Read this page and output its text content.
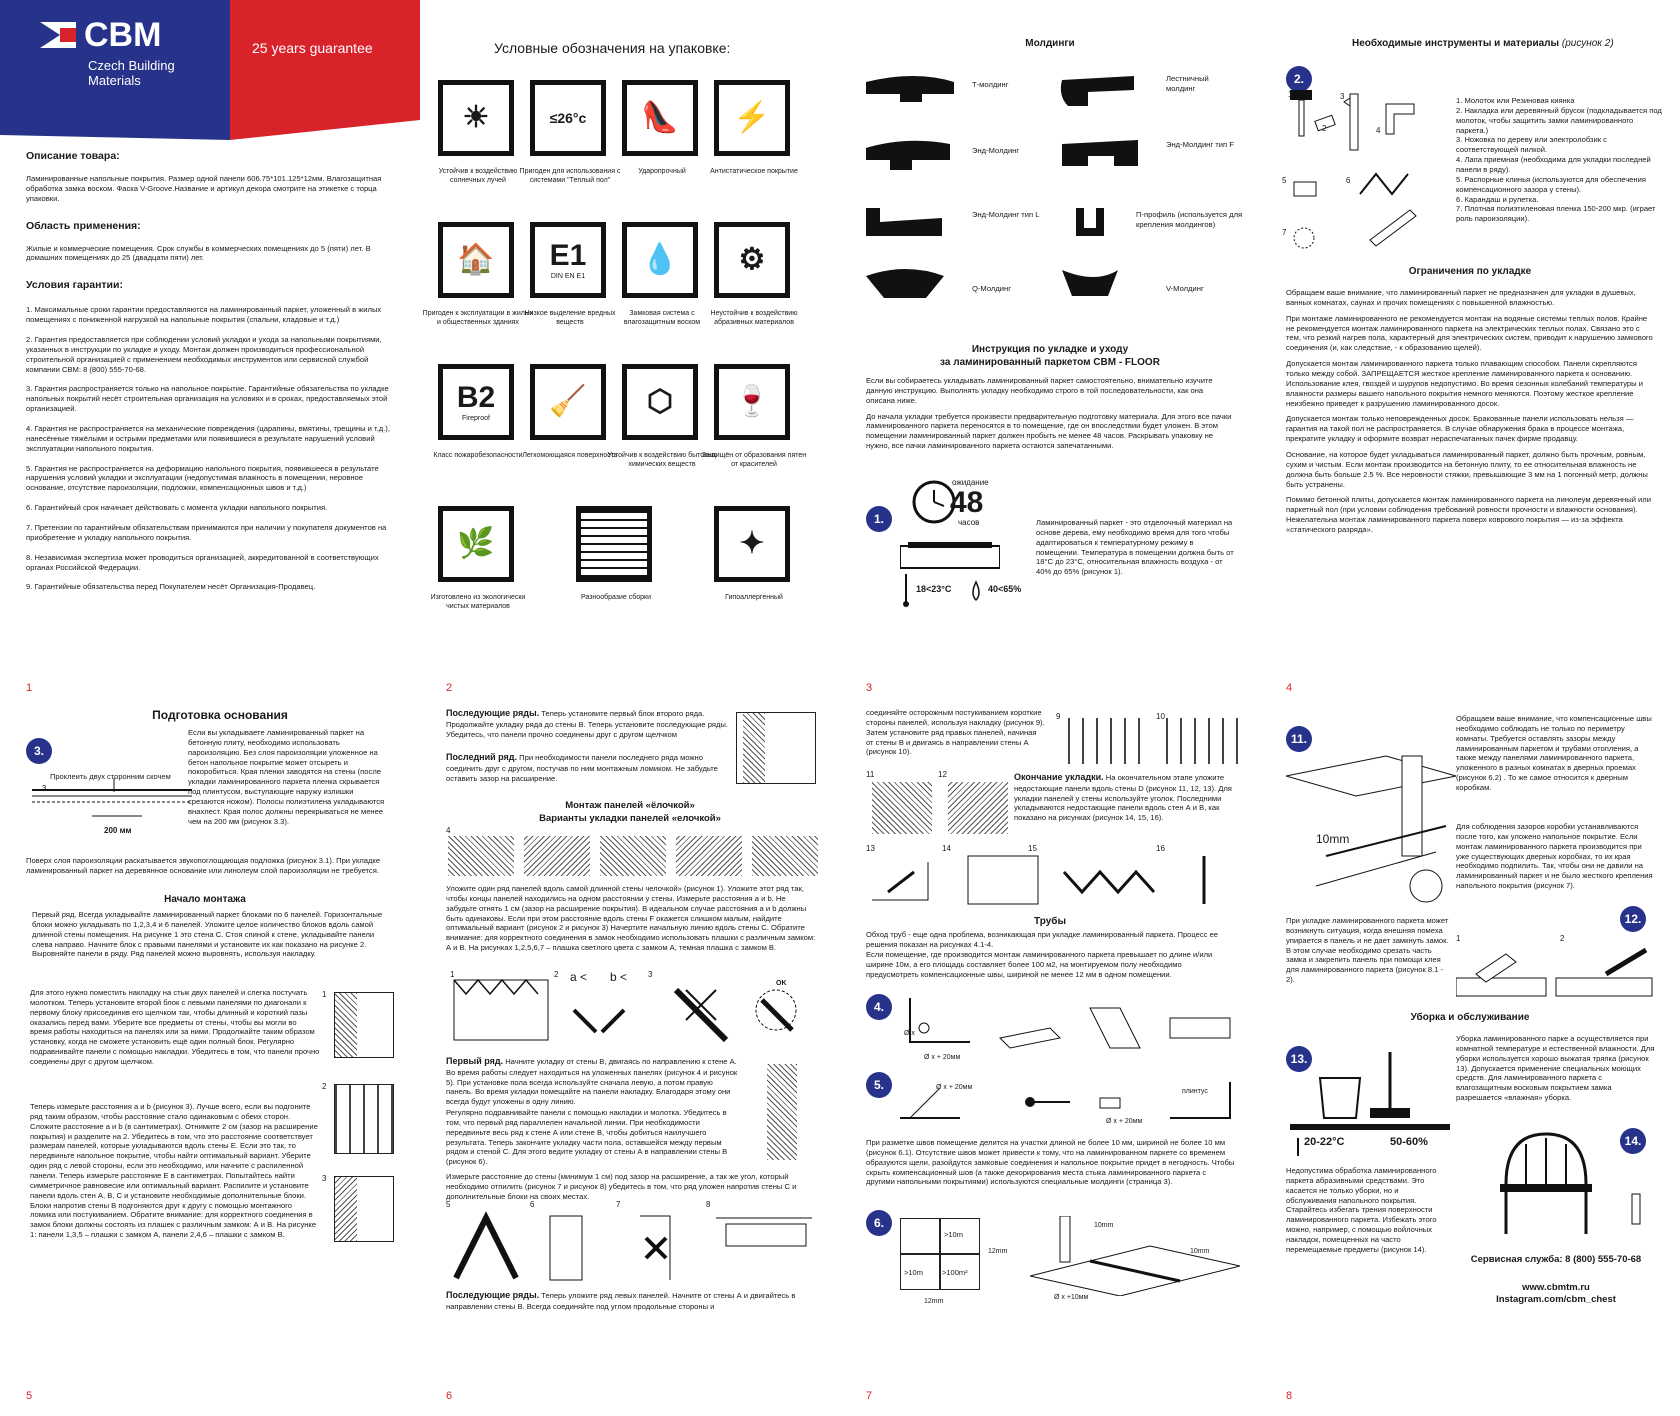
CBM
Czech Building
Materials
25 years guarantee
Описание товара:
Ламинированные напольные покрытия. Размер одной панели 606.75*101.125*12мм. Влагозащитная обработка замка воском. Фаска V-Groove.Название и артикул декора смотрите на этикетке с торца упаковки.
Область применения:
Жилые и коммерческие помещения. Срок службы в коммерческих помещениях до 5 (пяти) лет. В домашних помещениях до 25 (двадцати пяти) лет.
Условия гарантии:
1. Максимальные сроки гарантии предоставляются на ламинированный паркет, уложенный в жилых помещениях с пониженной нагрузкой на напольные покрытия (спальни, кладовые и т.д.)
2. Гарантия предоставляется при соблюдении условий укладки и ухода за напольными покрытиями, указанных в инструкции по укладке и уходу. Монтаж должен производиться профессиональной строительной организацией с применением необходимых инструментов или сервисной службой компании CBM: 8 (800) 555-70-68.
3. Гарантия распространяется только на напольное покрытие. Гарантийные обязательства по укладке напольных покрытий несёт строительная организация на условиях и в сроках, предоставляемых этой организацией.
4. Гарантия не распространяется на механические повреждения (царапины, вмятины, трещины и т.д.), нанесённые тяжёлыми и острыми предметами или появившиеся в результате нарушений условий эксплуатации напольного покрытия.
5. Гарантия не распространяется на деформацию напольного покрытия, появившееся в результате нарушения условий укладки и эксплуатации (недопустимая влажность в помещении, неровное основание, отсутствие пароизоляции, подложки, компенсационных швов и т.д.)
6. Гарантийный срок начинает действовать с момента укладки напольного покрытия.
7. Претензии по гарантийным обязательствам принимаются при наличии у покупателя документов на приобретение и укладку напольного покрытия.
8. Независимая экспертиза может проводиться организацией, аккредитованной в соответствующих органах Российской Федерации.
9. Гарантийные обязательства перед Покупателем несёт Организация-Продавец.
1
Условные обозначения на упаковке:
☀
Устойчив к воздействию солнечных лучей
≤26°c
Пригоден для использования с системами "Теплый пол"
👠
Ударопрочный
⚡
Антистатическое покрытие
🏠
Пригоден к эксплуатации в жилых и общественных зданиях
E1
DIN EN E1
Низкое выделение вредных веществ
💧
Замковая система с влагозащитным воском
⚙
Неустойчив к воздействию абразивных материалов
B2
Fireproof
Класс пожаробезопасности
🧹
Легкомоющаяся поверхность
⬡
Устойчив к воздействию бытовых химических веществ
🍷
Защищён от образования пятен от красителей
🌿
Изготовлено из экологически чистых материалов
Разнообразие сборки
✦
Гипоаллергенный
2
Молдинги
Т-молдинг
Лестничный молдинг
Энд-Молдинг
Энд-Молдинг тип F
Энд-Молдинг тип L	П-профиль (используется для крепления молдингов)
Q-Молдинг	V-Молдинг
Инструкция по укладке и уходу
за ламинированный паркетом CBM - FLOOR

Если вы собираетесь укладывать ламинированный паркет самостоятельно, внимательно изучите данную инструкцию. Выполнять укладку необходимо строго в той последовательности, как она описана ниже.

До начала укладки требуется произвести предварительную подготовку материала. Для этого все пачки ламинированного паркета переносятся в то помещение, где он впоследствии будет уложен. В этом помещении ламинированный паркет должен пробыть не менее 48 часов. Раскрывать упаковку не нужно, все пачки ламинированного паркета остаются запечатанными.

1.
ожидание
48
часов
18<23°C	40<65%
Ламинированный паркет - это отделочный материал на основе дерева, ему необходимо время для того чтобы адаптироваться к температурному режиму в помещении. Температура в помещении должна быть от 18°C до 23°C, относительная влажность воздуха - от 40% до 65% (рисунок 1).
3
Необходимые инструменты и материалы (рисунок 2)
2.
1
2
3
4
5	6
7
1. Молоток или Резиновая киянка
2. Накладка или деревянный брусок (подкладывается под молоток, чтобы защитить замки ламинированного паркета.)
3. Ножовка по дереву или электролобзик с соответствующей пилкой.
4. Лапа приемная (необходима для укладки последней панели в ряду).
5. Распорные клинья (используются для обеспечения компенсационного зазора у стены).
6. Карандаш и рулетка.
7. Плотная полиэтиленовая пленка 150-200 мкр. (играет роль пароизоляции).
Ограничения по укладке

Обращаем ваше внимание, что ламинированный паркет не предназначен для укладки в душевых, ванных комнатах, саунах и прочих помещениях с повышенной влажностью.

При монтаже ламинированного не рекомендуется монтаж на водяные системы теплых полов. Крайне не рекомендуется монтаж ламинированного паркета на электрических теплых полах. Связано это с тем, что резкий нагрев пола, характерный для электрических систем, приводит к нарушению замкового соединения (и, как следствие, - к образованию щелей).

Допускается монтаж ламинированного паркета только плавающим способом. Панели скрепляются только между собой. ЗАПРЕЩАЕТСЯ жесткое крепление ламинированного паркета к основанию. Использование клея, гвоздей и шурупов недопустимо. Во время сезонных колебаний температуры и влажности размеры вашего напольного покрытия немного меняются. Поэтому жесткое крепление неизбежно приведет к разрушению ламинированного досок.

Допускается монтаж только неповрежденных досок. Бракованные панели использовать нельзя — гарантия на такой пол не распространяется. В случае обнаружения брака в процессе монтажа, прекратите укладку и оформите возврат нераспечатанных пачек фирме продавцу.

Основание, на которое будет укладываться ламинированный паркет, должно быть прочным, ровным, сухим и чистым. Если монтаж производится на бетонную плиту, то ее относительная влажность не должна быть больше 2.5 %. Все неровности стяжки, превышающие 3 мм на 1 погонный метр, должны быть устранены.

Помимо бетонной плиты, допускается монтаж ламинированного паркета на линолеум деревянный или паркетный пол (при условии соблюдения требований ровности прочности и влажности основания). Нежелательна монтаж ламинированного паркета поверх коврового покрытия — из-за эффекта «статического разряда».

4
Подготовка основания
3.
Проклеить двух сторонним скочем
3
200 мм
Если вы укладываете ламинированный паркет на бетонную плиту, необходимо использовать пароизоляцию. Без слоя пароизоляции уложенное на бетон напольное покрытие может отсыреть и покоробиться. Края пленки заводятся на стены (после укладки ламинированного паркета пленка скрывается под плинтусом, выступающие наружу излишки срезаются ножом). Полосы полиэтилена укладываются внахлест. Края полос должны перекрываться не менее чем на 200 мм (рисунок 3.3).
Поверх слоя пароизоляции раскатывается звукопоглощающая подложка (рисунок 3.1). При укладке ламинированный паркет на деревянное основание или линолеум слой пароизоляции не требуется.
Начало монтажа
Первый ряд. Всегда укладывайте ламинированный паркет блоками по 6 панелей. Горизонтальные блоки можно укладывать по 1,2,3,4 и 6 панелей. Уложите целое количество блоков вдоль самой длинной стены помещения. На рисунке 1 это стена С. Стоя спиной к стене, укладывайте панели слева направо. Начните блок с правыми панелями и установите их как показано на рисунке 2. Выровняйте панели в ряду. Ряд панелей можно выровнять, используя накладку.
Для этого нужно поместить накладку на стык двух панелей и слегка постучать молотком. Теперь установите второй блок с левыми панелями по диагонали к первому блоку присоединив его щелчком так, чтобы длинный и короткий пазы оказались перед вами. Уберите все предметы от стены, чтобы вы могли во время работы находиться на панелях или за ними. Продолжайте таким образом установку, когда не сможете установить ещё один полный блок. Регулярно подравнивайте панели с помощью накладки. Убедитесь в том, что панели прочно соединены друг с другом щелчком.
Теперь измерьте расстояния а и b (рисунок 3). Лучше всего, если вы подгоните ряд таким образом, чтобы расстояние стало одинаковым с обеих сторон. Сложите расстояние а и b (в сантиметрах). Отнимите 2 см (зазор на расширение покрытия) и разделите на 2. Убедитесь в том, что это расстояние соответствует размерам панелей, которые укладываются вдоль стены E. Если это так, то передвиньте напольное покрытие, чтобы найти оптимальный вариант. Уберите один ряд с левой стороны, если это необходимо, или начните с распиленной панели. Теперь измерьте расстояние E в сантиметрах. Попытайтесь найти симметричное равновесие или оптимальный вариант. Распилите и установите панели вдоль стен А, В, С и установите необходимые дополнительные блоки. Блоки напротив стены В подгоняются друг к другу с помощью монтажного ломика или постукиванием. Обратите внимание: для корректного соединения в замок блоки должны состоять из плашек с различным замком: А и В. На рисунке 1: панели 1,3,5 – плашки с замком А, панели 2,4,6 – плашки с замком В.
1
2
3
5
Последующие ряды. Теперь установите первый блок второго ряда. Продолжайте укладку ряда до стены В. Теперь установите последующие ряды. Убедитесь, что панели прочно соединены друг с другом щелчком
Последний ряд. При необходимости панели последнего ряда можно соединить друг с другом, постучав по ним монтажным ломиком. Не забудьте оставить зазор на расширение.
Монтаж панелей «ёлочкой»
Варианты укладки панелей «елочкой»
4
Уложите один ряд панелей вдоль самой длинной стены челочкой» (рисунок 1). Уложите этот ряд так, чтобы концы панелей находились на одном расстоянии у стены. Измерьте расстояния а и b. Не забудьте отнять 1 см (зазор на расширение покрытия). В идеальном случае расстояния а и b должны быть одинаковы. Если при этом расстояние вдоль стены F окажется слишком малым, найдите оптимальный вариант (рисунок 2 и рисунок 3) Начертите начальную линию вдоль стены С. Обратите внимание: для корректного соединения в замок необходимо использовать плашки с различным замком: А и В. На рисунках 1,2,5,6,7 – плашка светлого цвета с замком А, темная плашка с замком В.
1	2 a < b <	3
OK
Первый ряд. Начните укладку от стены В, двигаясь по направлению к стене А. Во время работы следует находиться на уложенных панелях (рисунок 4 и рисунок 5). При установке пола всегда используйте сначала левую, а потом правую панель. Во время укладки помещайте на панели накладку. Благодаря этому они всегда будут уложены в одну линию.
Регулярно подравнивайте панели с помощью накладки и молотка. Убедитесь в том, что первый ряд параллелен начальной линии. При необходимости передвиньте весь ряд к стене А или стене В, чтобы добиться наилучшего результата. Теперь закончите укладку части пола, оставшейся между первым рядом и стеной С. Для этого ведите укладку от стены А в направлении стены В (рисунок 6).
Измерьте расстояние до стены (минимум 1 см) под зазор на расширение, а так же угол, который необходимо отпилить (рисунок 7 и рисунок 8) убедитесь в том, что ряд уложен напротив стены С и дополнительные блоки на своих местах.
5	6	7	8
Последующие ряды. Теперь уложите ряд левых панелей. Начните от стены А и двигайтесь в направлении стены В. Всегда соединяйте под углом продольные стороны и
6
соединяйте осторожным постукиванием короткие стороны панелей, используя накладку (рисунок 9). Затем установите ряд правых панелей, начиная от стены В и двигаясь в направлении стены А (рисунок 10).
9	10
11	12	Окончание укладки. На окончательном этапе уложите недостающие панели вдоль стены D (рисунок 11, 12, 13). Для укладки панелей у стены используйте уголок. Последними укладываются недостающие панели вдоль стен А и В, как показано на рисунках (рисунок 14, 15, 16).
13	14	15	16
Трубы
Обход труб - еще одна проблема, возникающая при укладке ламинированный паркета. Процесс ее решения показан на рисунках 4.1-4.
Если помещение, где производится монтаж ламинированного паркета превышает по длине и/или ширине 10м, а его площадь составляет более 100 м2, на монтируемом полу необходимо предусмотреть компенсационные швы, шириной не менее 12 мм в одном помещении.
4.
Ø x
Ø x + 20мм
5.	Ø x + 20мм
плинтус
Ø x + 20мм
При разметке швов помещение делится на участки длиной не более 10 мм, шириной не более 10 мм (рисунок 6.1). Отсутствие швов может привести к тому, что на ламинированном паркете со временем образуются щели, разойдутся замковые соединения и напольное покрытие придет в негодность. Чтобы скрыть компенсационный шов (а также декорирования места стыка ламинированного паркета с другими напольными покрытиями) используются специальные молдинги (страница 3).
6.
>10m
>10m	>100m²
12mm
12mm
10mm
10mm
Ø x +10мм
7
11.
10mm
Обращаем ваше внимание, что компенсационные швы необходимо соблюдать не только по периметру комнаты. Требуется оставлять зазоры между ламинированным паркетом и трубами отопления, а также между панелями ламинированного паркета, уложенного в разных комнатах в дверных проемах (рисунок 6.2) . То же самое относится к дверным коробкам.
Для соблюдения зазоров коробки устанавливаются после того, как уложено напольное покрытие. Если монтаж ламинированного паркета производится при уже существующих дверных коробках, то их края необходимо подпилить. Так, чтобы они не давили на ламинированный паркет и не было жесткого крепления напольного покрытия (рисунок 7).
12.
При укладке ламинированного паркета может возникнуть ситуация, когда внешняя помеха упирается в панель и не дает замкнуть замок. В этом случае необходимо срезать часть замка и закрепить панель при помощи клея для ламинированного паркета (рисунок 8.1 - 2).
1	2
Уборка и обслуживание
13.
20-22°C	50-60%
Уборка ламинированного парке а осуществляется при комнатной температуре и естественной влажности. Для уборки используется хорошо выжатая тряпка (рисунок 13). Допускается применение специальных моющих средств. Для ламинированного паркета с влагозащитным восковым покрытием замка разрешается «влажная» уборка.
Недопустима обработка ламинированного паркета абразивными средствами. Это касается не только уборки, но и обслуживания напольного покрытия. Старайтесь избегать трения поверхности ламинированного паркета. Избежать этого можно, например, с помощью войлочных накладок, помещенных на часто перемещаемые предметы (рисунок 14).
14.
Сервисная служба: 8 (800) 555-70-68
www.cbmtm.ru
Instagram.com/cbm_chest
8
